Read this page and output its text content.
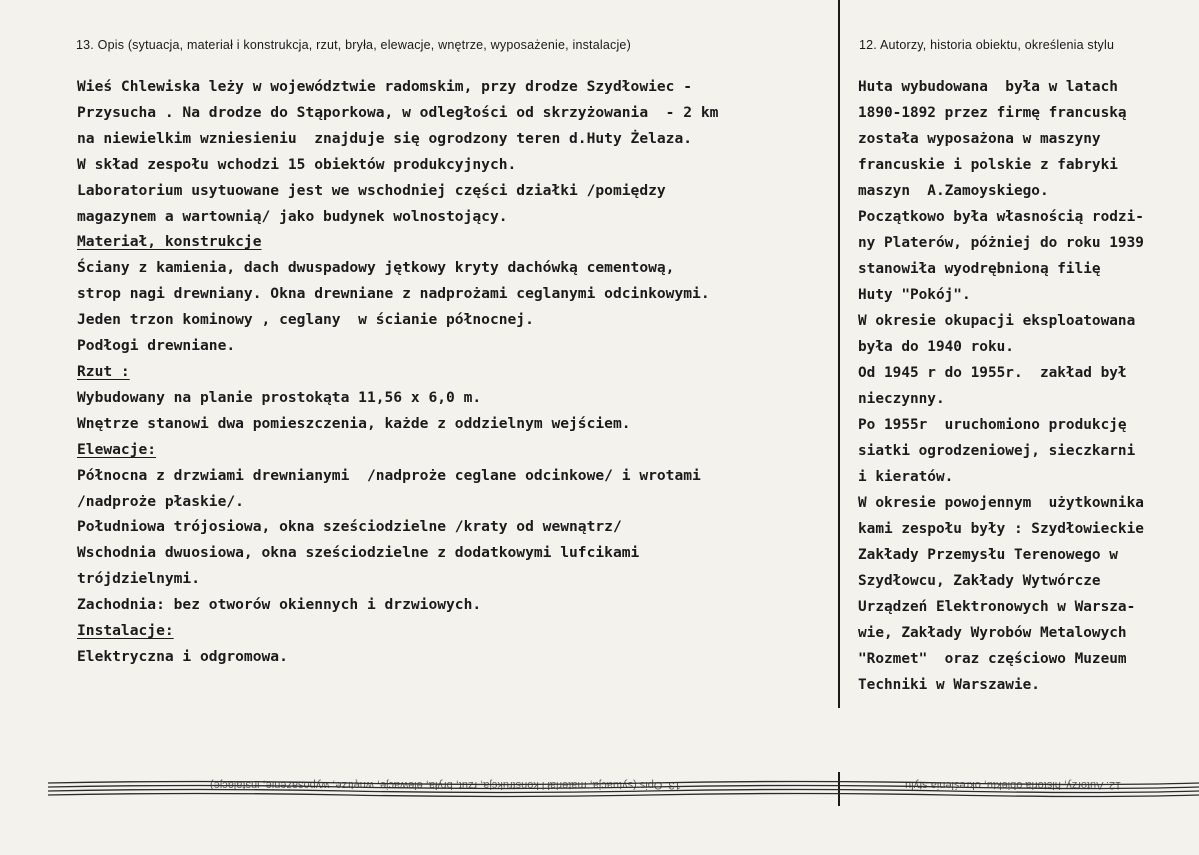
13. Opis (sytuacja, materiał i konstrukcja, rzut, bryła, elewacje, wnętrze, wyposażenie, instalacje)	12. Autorzy, historia obiektu, określenia stylu
Wieś Chlewiska leży w województwie radomskim, przy drodze Szydłowiec -
Przysucha . Na drodze do Stąporkowa, w odległości od skrzyżowania  - 2 km
na niewielkim wzniesieniu  znajduje się ogrodzony teren d.Huty Żelaza.
W skład zespołu wchodzi 15 obiektów produkcyjnych.
Laboratorium usytuowane jest we wschodniej części działki /pomiędzy
magazynem a wartownią/ jako budynek wolnostojący.
Materiał, konstrukcje
Ściany z kamienia, dach dwuspadowy jętkowy kryty dachówką cementową,
strop nagi drewniany. Okna drewniane z nadprożami ceglanymi odcinkowymi.
Jeden trzon kominowy , ceglany  w ścianie północnej.
Podłogi drewniane.
Rzut :
Wybudowany na planie prostokąta 11,56 x 6,0 m.
Wnętrze stanowi dwa pomieszczenia, każde z oddzielnym wejściem.
Elewacje:
Północna z drzwiami drewnianymi  /nadproże ceglane odcinkowe/ i wrotami
/nadproże płaskie/.
Południowa trójosiowa, okna sześciodzielne /kraty od wewnątrz/
Wschodnia dwuosiowa, okna sześciodzielne z dodatkowymi lufcikami
trójdzielnymi.
Zachodnia: bez otworów okiennych i drzwiowych.
Instalacje:
Elektryczna i odgromowa.
Huta wybudowana  była w latach
1890-1892 przez firmę francuską
została wyposażona w maszyny
francuskie i polskie z fabryki
maszyn  A.Zamoyskiego.
Początkowo była własnością rodzi-
ny Platerów, póżniej do roku 1939
stanowiła wyodrębnioną filię
Huty "Pokój".
W okresie okupacji eksploatowana
była do 1940 roku.
Od 1945 r do 1955r.  zakład był
nieczynny.
Po 1955r  uruchomiono produkcję
siatki ogrodzeniowej, sieczkarni
i kieratów.
W okresie powojennym  użytkownika
kami zespołu były : Szydłowieckie
Zakłady Przemysłu Terenowego w
Szydłowcu, Zakłady Wytwórcze
Urządzeń Elektronowych w Warsza-
wie, Zakłady Wyrobów Metalowych
"Rozmet"  oraz częściowo Muzeum
Techniki w Warszawie.
13. Opis (sytuacja, materiał i konstrukcja, rzut, bryła, elewacje, wnętrze, wyposażenie, instalacje)	12. Autorzy, historia obiektu, określenia stylu
